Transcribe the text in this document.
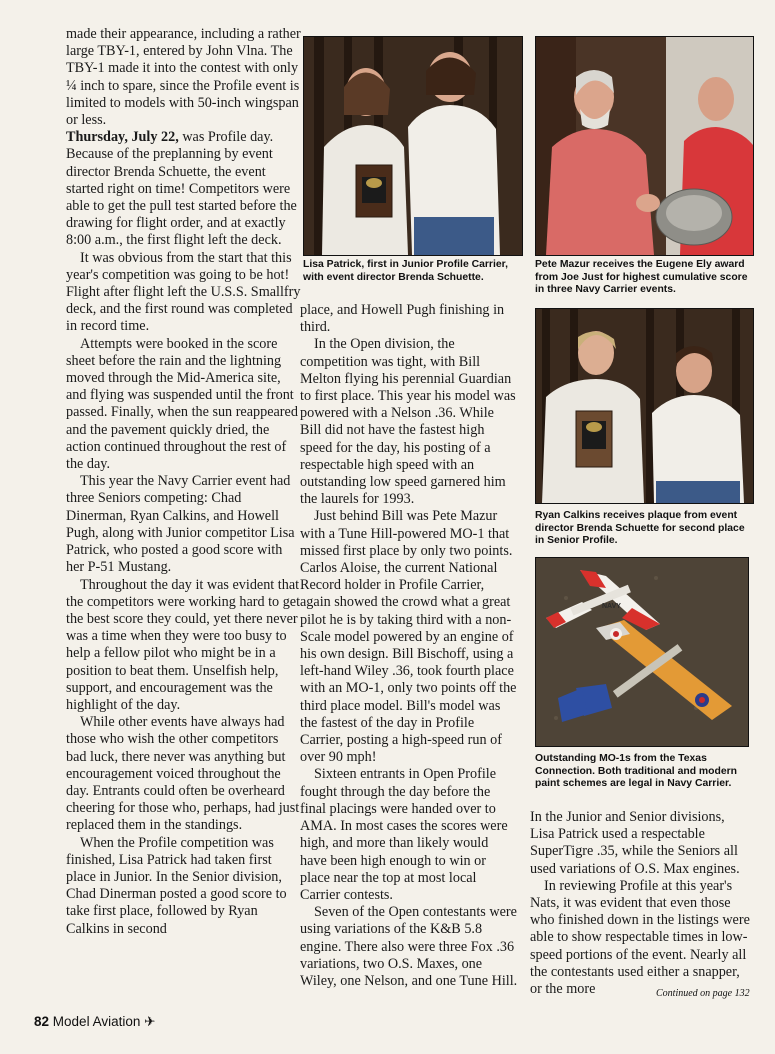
made their appearance, including a rather large TBY-1, entered by John Vlna. The TBY-1 made it into the contest with only ¼ inch to spare, since the Profile event is limited to models with 50-inch wingspan or less.

Thursday, July 22, was Profile day. Because of the preplanning by event director Brenda Schuette, the event started right on time! Competitors were able to get the pull test started before the drawing for flight order, and at exactly 8:00 a.m., the first flight left the deck.

It was obvious from the start that this year's competition was going to be hot! Flight after flight left the U.S.S. Smallfry deck, and the first round was completed in record time.

Attempts were booked in the score sheet before the rain and the lightning moved through the Mid-America site, and flying was suspended until the front passed. Finally, when the sun reappeared and the pavement quickly dried, the action continued throughout the rest of the day.

This year the Navy Carrier event had three Seniors competing: Chad Dinerman, Ryan Calkins, and Howell Pugh, along with Junior competitor Lisa Patrick, who posted a good score with her P-51 Mustang.

Throughout the day it was evident that the competitors were working hard to get the best score they could, yet there never was a time when they were too busy to help a fellow pilot who might be in a position to beat them. Unselfish help, support, and encouragement was the highlight of the day.

While other events have always had those who wish the other competitors bad luck, there never was anything but encouragement voiced throughout the day. Entrants could often be overheard cheering for those who, perhaps, had just replaced them in the standings.

When the Profile competition was finished, Lisa Patrick had taken first place in Junior. In the Senior division, Chad Dinerman posted a good score to take first place, followed by Ryan Calkins in second

place, and Howell Pugh finishing in third.

In the Open division, the competition was tight, with Bill Melton flying his perennial Guardian to first place. This year his model was powered with a Nelson .36. While Bill did not have the fastest high speed for the day, his posting of a respectable high speed with an outstanding low speed garnered him the laurels for 1993.

Just behind Bill was Pete Mazur with a Tune Hill-powered MO-1 that missed first place by only two points. Carlos Aloise, the current National Record holder in Profile Carrier, again showed the crowd what a great pilot he is by taking third with a non-Scale model powered by an engine of his own design. Bill Bischoff, using a left-hand Wiley .36, took fourth place with an MO-1, only two points off the third place model. Bill's model was the fastest of the day in Profile Carrier, posting a high-speed run of over 90 mph!

Sixteen entrants in Open Profile fought through the day before the final placings were handed over to AMA. In most cases the scores were high, and more than likely would have been high enough to win or place near the top at most local Carrier contests.

Seven of the Open contestants were using variations of the K&B 5.8 engine. There also were three Fox .36 variations, two O.S. Maxes, one Wiley, one Nelson, and one Tune Hill.

In the Junior and Senior divisions, Lisa Patrick used a respectable SuperTigre .35, while the Seniors all used variations of O.S. Max engines.

In reviewing Profile at this year's Nats, it was evident that even those who finished down in the listings were able to show respectable times in low-speed portions of the event. Nearly all the contestants used either a snapper, or the more

Lisa Patrick, first in Junior Profile Carrier, with event director Brenda Schuette.
Pete Mazur receives the Eugene Ely award from Joe Just for highest cumulative score in three Navy Carrier events.
Ryan Calkins receives plaque from event director Brenda Schuette for second place in Senior Profile.
NAVY
Outstanding MO-1s from the Texas Connection. Both traditional and modern paint schemes are legal in Navy Carrier.
Continued on page 132
82 Model Aviation ✈
